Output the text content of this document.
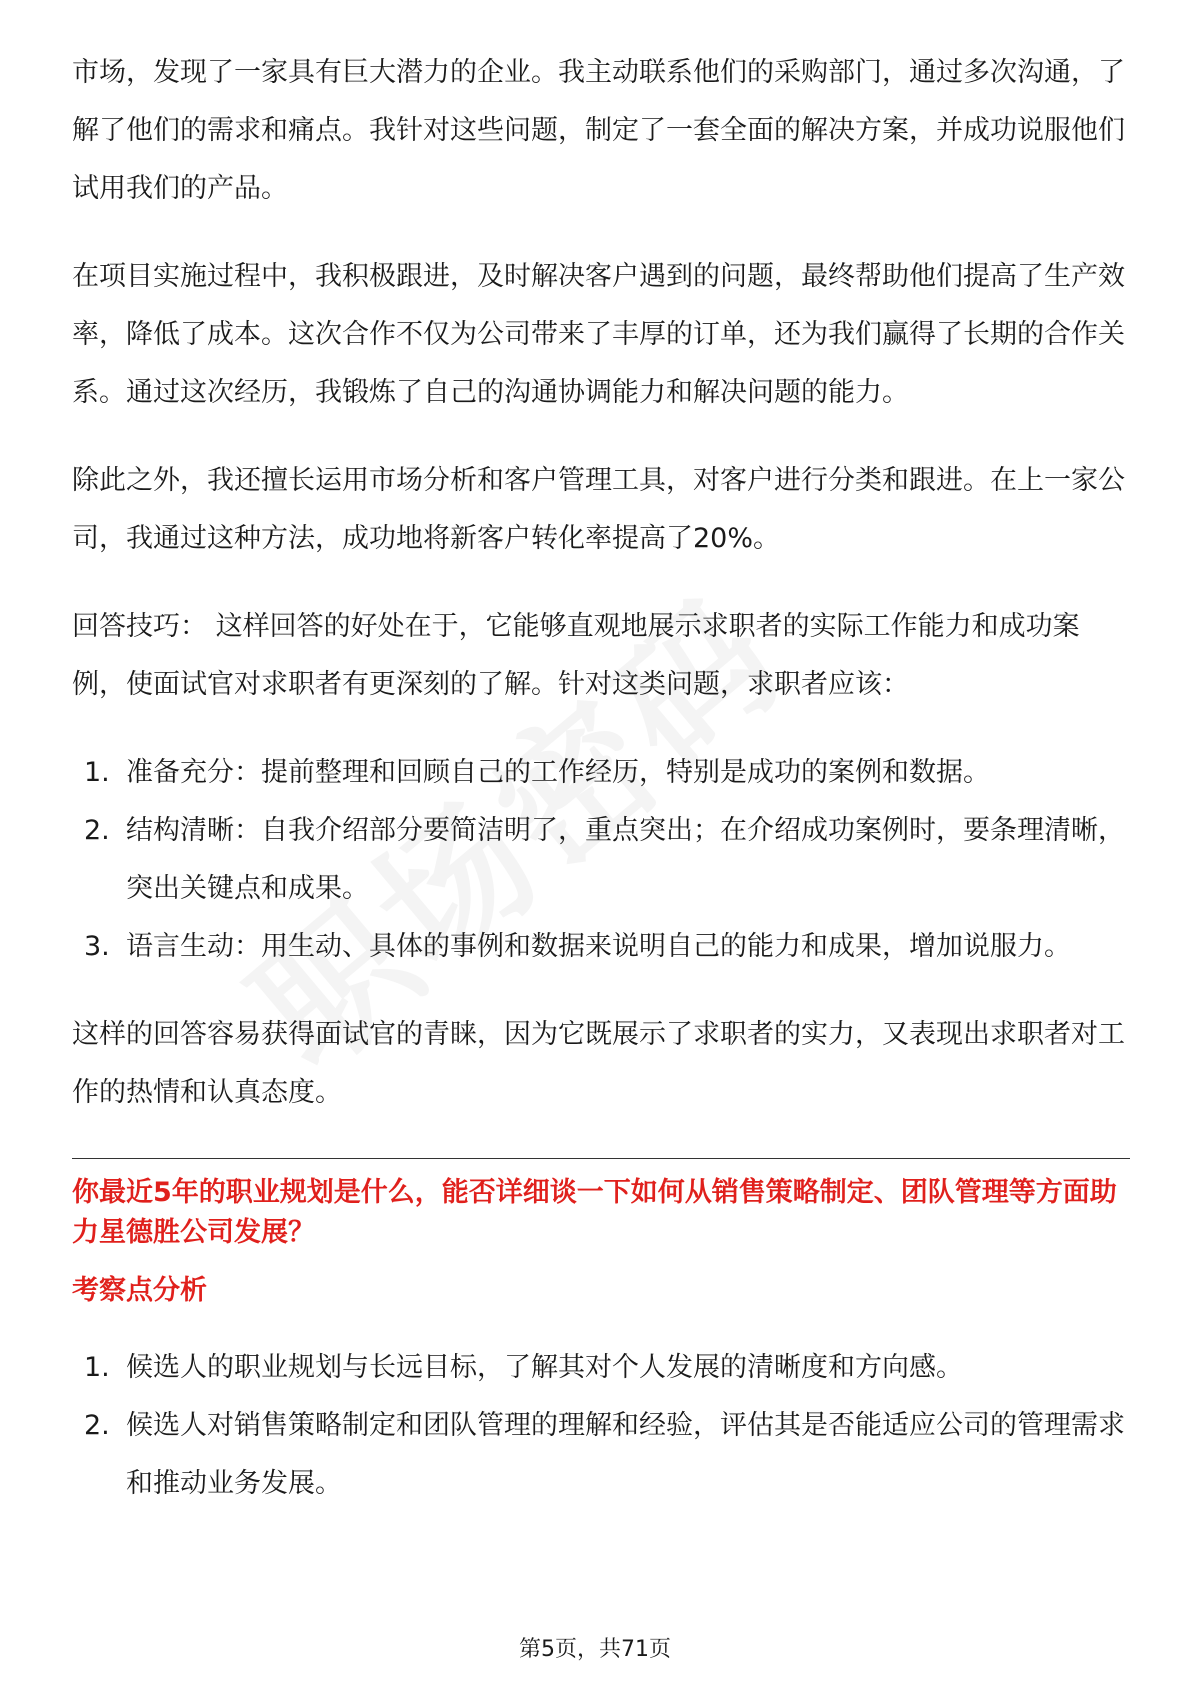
市场，发现了一家具有巨大潜力的企业。我主动联系他们的采购部门，通过多次沟通，了解了他们的需求和痛点。我针对这些问题，制定了一套全面的解决方案，并成功说服他们试用我们的产品。

在项目实施过程中，我积极跟进，及时解决客户遇到的问题，最终帮助他们提高了生产效率，降低了成本。这次合作不仅为公司带来了丰厚的订单，还为我们赢得了长期的合作关系。通过这次经历，我锻炼了自己的沟通协调能力和解决问题的能力。

除此之外，我还擅长运用市场分析和客户管理工具，对客户进行分类和跟进。在上一家公司，我通过这种方法，成功地将新客户转化率提高了20%。

回答技巧： 这样回答的好处在于，它能够直观地展示求职者的实际工作能力和成功案例，使面试官对求职者有更深刻的了解。针对这类问题，求职者应该：

1. 准备充分：提前整理和回顾自己的工作经历，特别是成功的案例和数据。
2. 结构清晰：自我介绍部分要简洁明了，重点突出；在介绍成功案例时，要条理清晰，突出关键点和成果。
3. 语言生动：用生动、具体的事例和数据来说明自己的能力和成果，增加说服力。

这样的回答容易获得面试官的青睐，因为它既展示了求职者的实力，又表现出求职者对工作的热情和认真态度。

你最近5年的职业规划是什么，能否详细谈一下如何从销售策略制定、团队管理等方面助力星德胜公司发展？

考察点分析

1. 候选人的职业规划与长远目标，了解其对个人发展的清晰度和方向感。
2. 候选人对销售策略制定和团队管理的理解和经验，评估其是否能适应公司的管理需求和推动业务发展。
第5页，共71页
